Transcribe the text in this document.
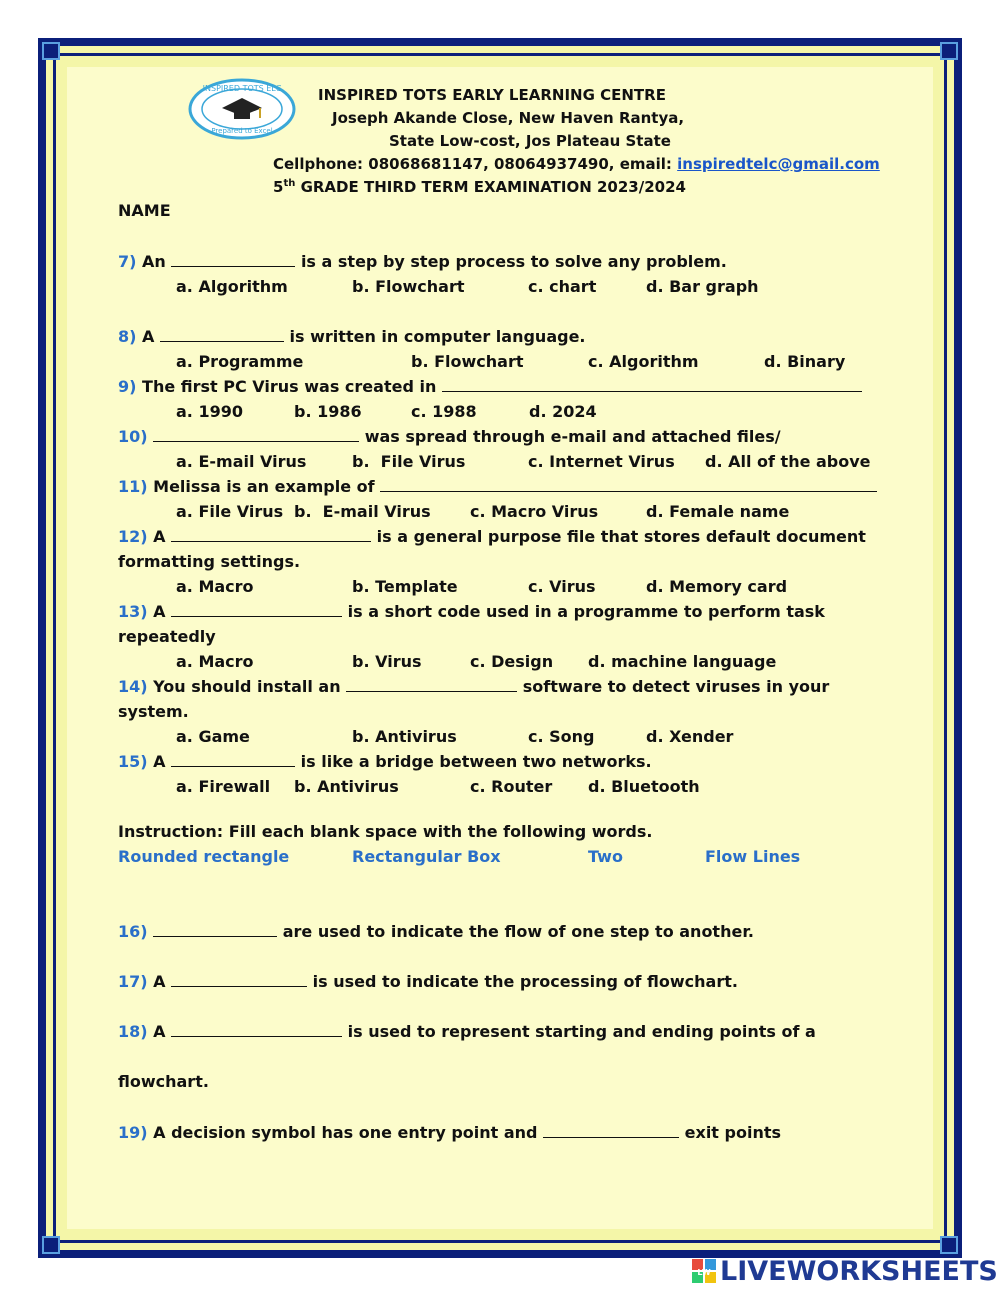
INSPIRED TOTS ELC
Prepared to Excel
INSPIRED TOTS EARLY LEARNING CENTRE
Joseph Akande Close, New Haven Rantya,
State Low-cost, Jos Plateau State
Cellphone: 08068681147, 08064937490, email: inspiredtelc@gmail.com
5th GRADE THIRD TERM EXAMINATION 2023/2024
NAME
7) An	is a step by step process to solve any problem.
a. Algorithm	b. Flowchart	c. chart	d. Bar graph
8) A	is written in computer language.
a. Programme	b. Flowchart	c. Algorithm	d. Binary
9) The first PC Virus was created in
a. 1990	b. 1986	c. 1988	d. 2024
10)	was spread through e-mail and attached files/
a. E-mail Virus	b.  File Virus	c. Internet Virus d. All of the above
11) Melissa is an example of
a. File Virus b.  E-mail Virus c. Macro Virus	d. Female name
12) A	is a general purpose file that stores default document
formatting settings.
a. Macro	b. Template	c. Virus	d. Memory card
13) A	is a short code used in a programme to perform task
repeatedly
a. Macro	b. Virus	c. Design d. machine language
14) You should install an	software to detect viruses in your
system.
a. Game	b. Antivirus	c. Song	d. Xender
15) A	is like a bridge between two networks.
a. Firewall b. Antivirus	c. Router d. Bluetooth
Instruction: Fill each blank space with the following words.
Rounded rectangle	Rectangular Box	Two	Flow Lines
16)	are used to indicate the flow of one step to another.
17) A	is used to indicate the processing of flowchart.
18) A	is used to represent starting and ending points of a
flowchart.
19) A decision symbol has one entry point and	exit points
LW LIVEWORKSHEETS
